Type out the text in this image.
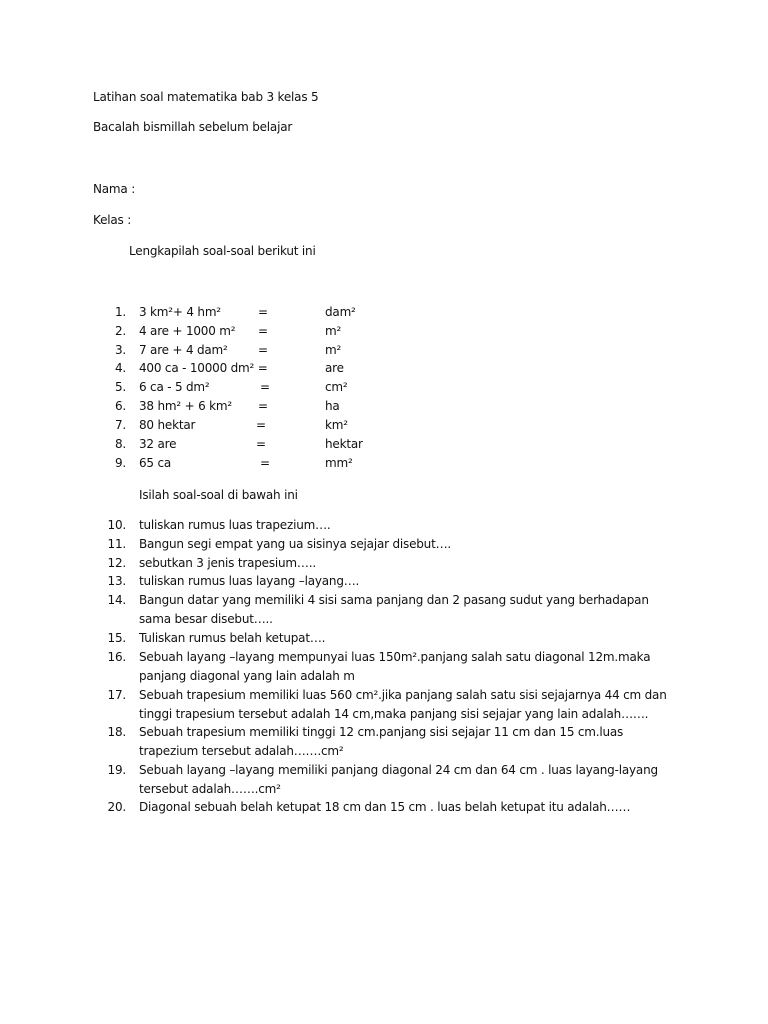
Latihan soal matematika bab 3 kelas 5
Bacalah bismillah sebelum belajar
Nama :
Kelas :
Lengkapilah soal-soal berikut ini
1. 3 km²+ 4 hm²	=	dam²
2. 4 are + 1000 m² =	m²
3. 7 are + 4 dam²	=	m²
4. 400 ca - 10000 dm² =	are
5. 6 ca - 5 dm²	=	cm²
6. 38 hm² + 6 km² =	ha
7. 80 hektar	=	km²
8. 32 are	=	hektar
9. 65 ca	=	mm²
Isilah soal-soal di bawah ini
10. tuliskan rumus luas trapezium….
11. Bangun segi empat yang ua sisinya sejajar disebut….
12. sebutkan 3 jenis trapesium…..
13. tuliskan rumus luas layang –layang….
14. Bangun datar yang memiliki 4 sisi sama panjang dan 2 pasang sudut yang berhadapan sama besar disebut…..
15. Tuliskan rumus belah ketupat….
16. Sebuah layang –layang mempunyai luas 150m².panjang salah satu diagonal 12m.maka panjang diagonal yang lain adalah m
17. Sebuah trapesium memiliki luas 560 cm².jika panjang salah satu sisi sejajarnya 44 cm dan tinggi trapesium tersebut adalah 14 cm,maka panjang sisi sejajar yang lain adalah…….
18. Sebuah trapesium memiliki tinggi 12 cm.panjang sisi sejajar 11 cm dan 15 cm.luas trapezium tersebut adalah…….cm²
19. Sebuah layang –layang memiliki panjang diagonal 24 cm dan 64 cm . luas layang-layang tersebut adalah…….cm²
20. Diagonal sebuah belah ketupat 18 cm dan 15 cm . luas belah ketupat itu adalah……
